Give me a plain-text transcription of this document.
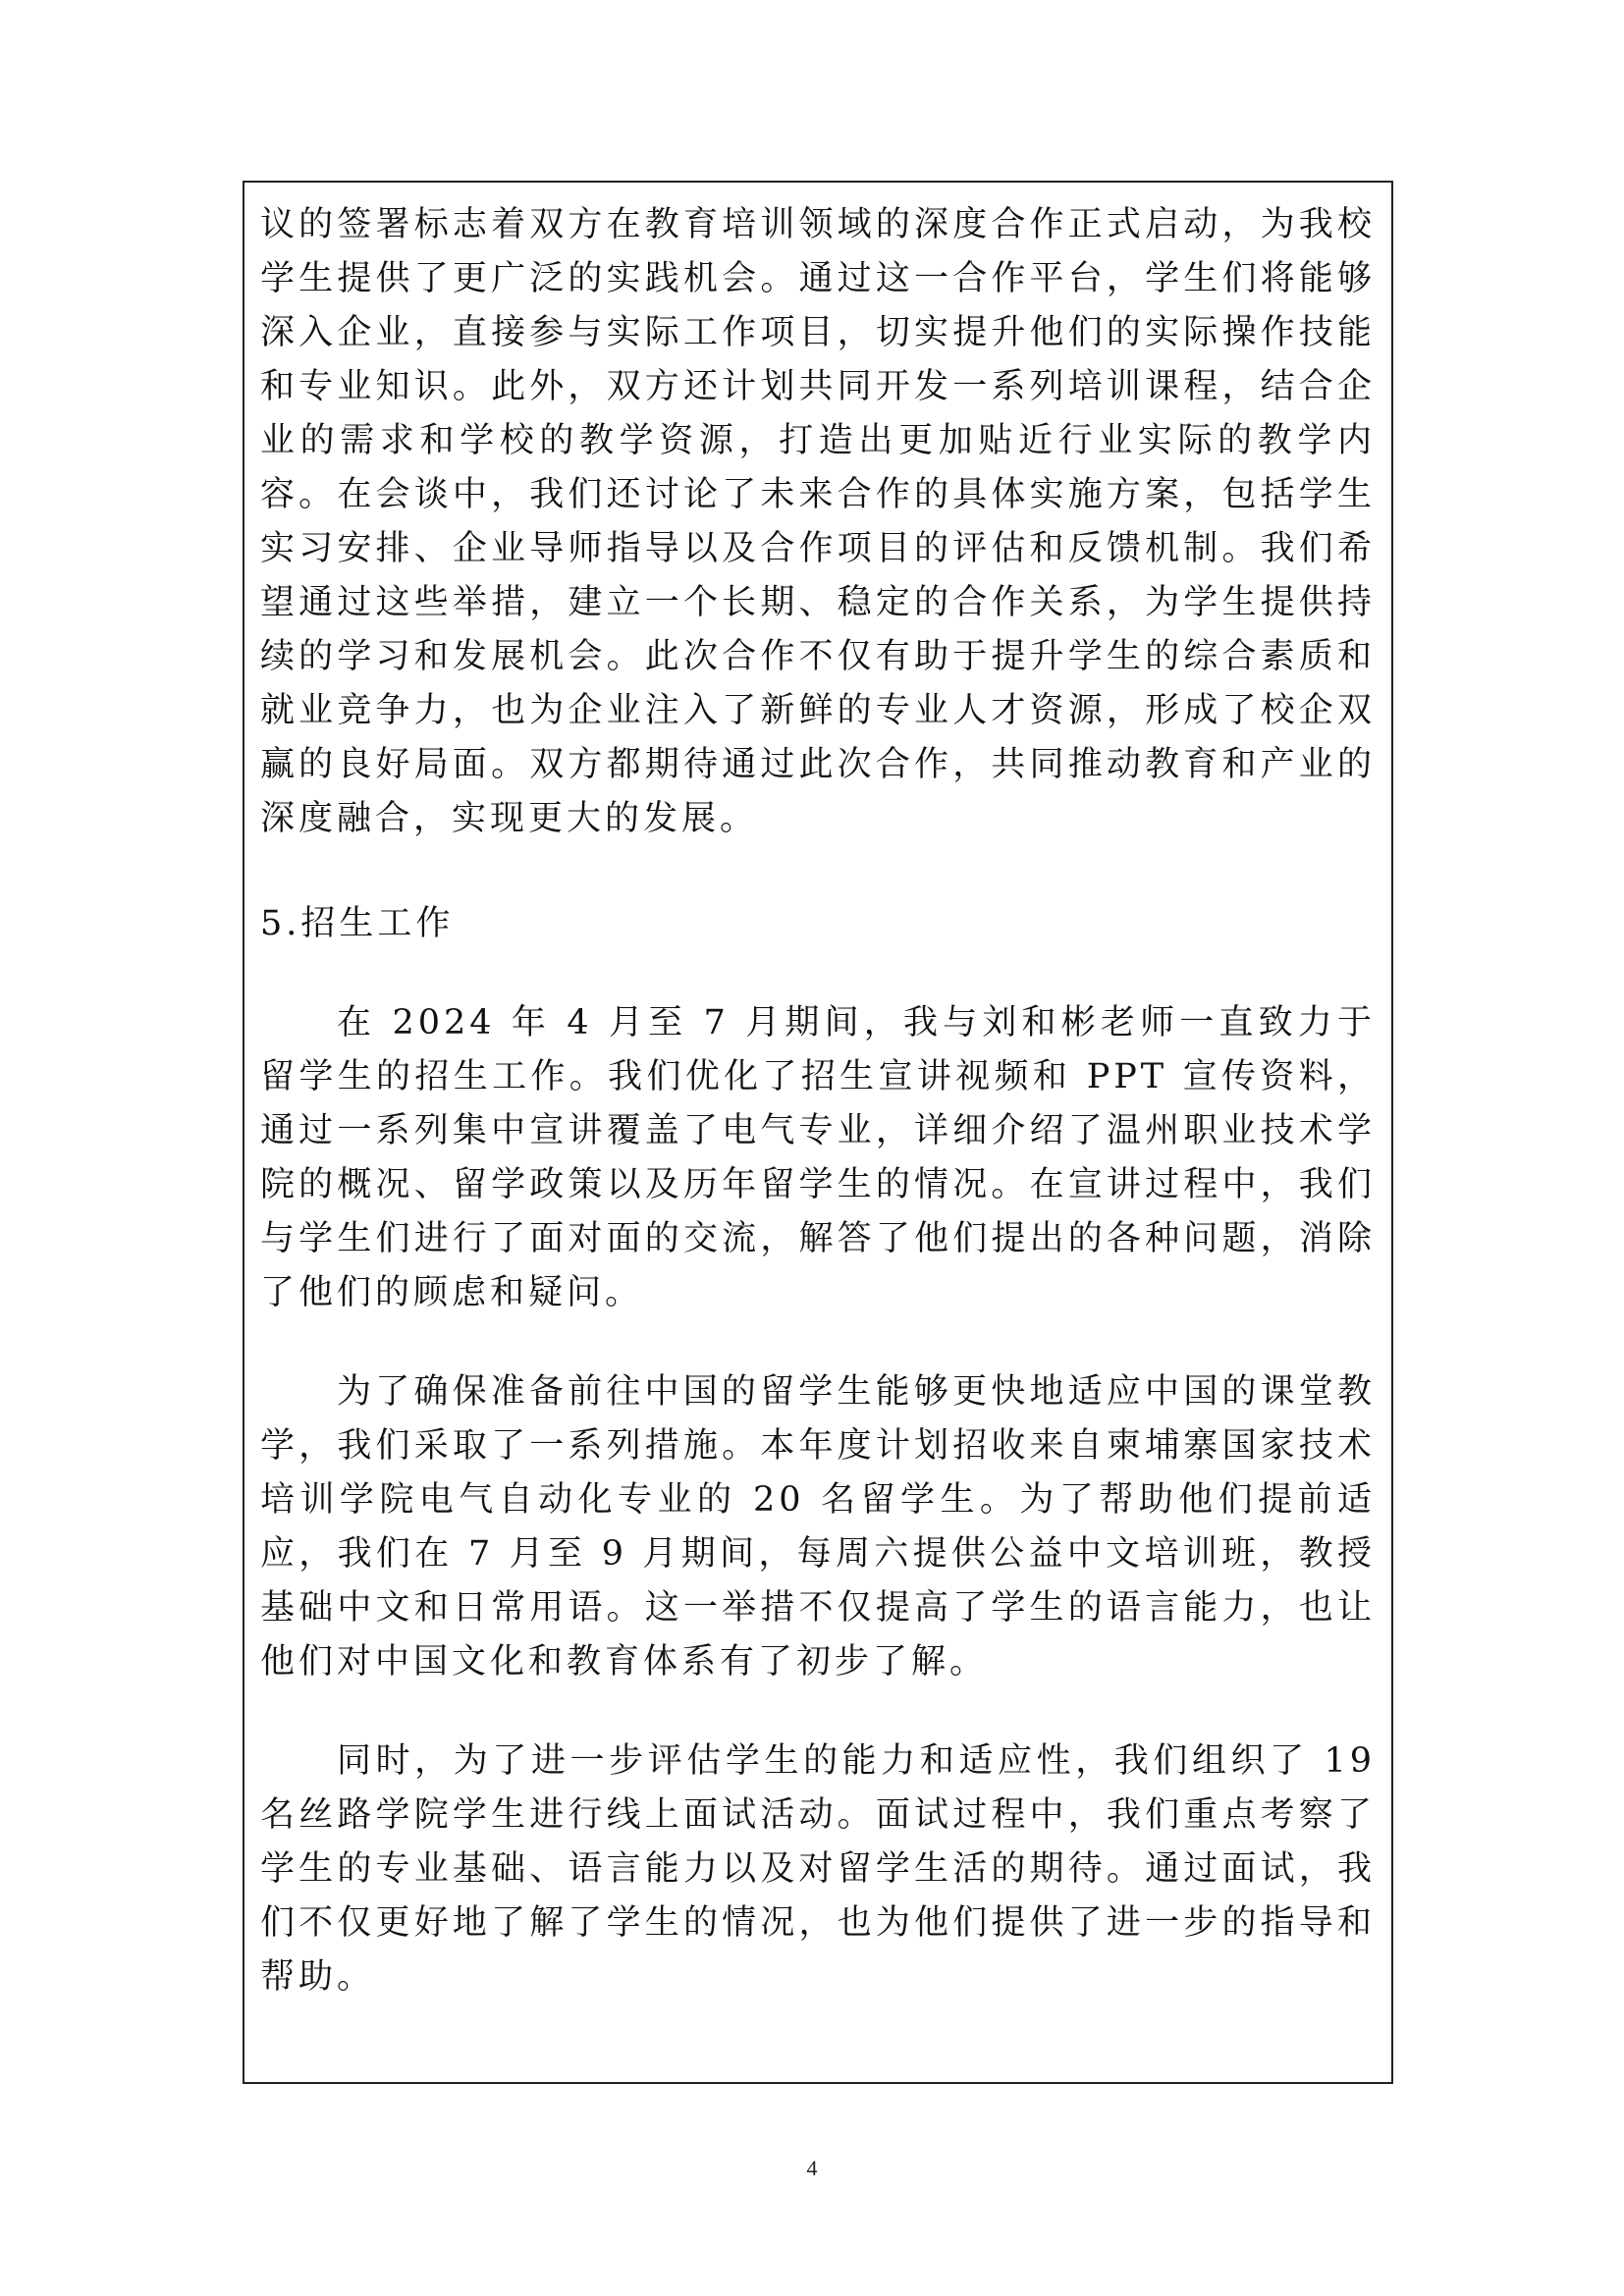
议的签署标志着双方在教育培训领域的深度合作正式启动，为我校学生提供了更广泛的实践机会。通过这一合作平台，学生们将能够深入企业，直接参与实际工作项目，切实提升他们的实际操作技能和专业知识。此外，双方还计划共同开发一系列培训课程，结合企业的需求和学校的教学资源，打造出更加贴近行业实际的教学内容。在会谈中，我们还讨论了未来合作的具体实施方案，包括学生实习安排、企业导师指导以及合作项目的评估和反馈机制。我们希望通过这些举措，建立一个长期、稳定的合作关系，为学生提供持续的学习和发展机会。此次合作不仅有助于提升学生的综合素质和就业竞争力，也为企业注入了新鲜的专业人才资源，形成了校企双赢的良好局面。双方都期待通过此次合作，共同推动教育和产业的深度融合，实现更大的发展。

5.招生工作

在 2024 年 4 月至 7 月期间，我与刘和彬老师一直致力于留学生的招生工作。我们优化了招生宣讲视频和 PPT 宣传资料，通过一系列集中宣讲覆盖了电气专业，详细介绍了温州职业技术学院的概况、留学政策以及历年留学生的情况。在宣讲过程中，我们与学生们进行了面对面的交流，解答了他们提出的各种问题，消除了他们的顾虑和疑问。

为了确保准备前往中国的留学生能够更快地适应中国的课堂教学，我们采取了一系列措施。本年度计划招收来自柬埔寨国家技术培训学院电气自动化专业的 20 名留学生。为了帮助他们提前适应，我们在 7 月至 9 月期间，每周六提供公益中文培训班，教授基础中文和日常用语。这一举措不仅提高了学生的语言能力，也让他们对中国文化和教育体系有了初步了解。

同时，为了进一步评估学生的能力和适应性，我们组织了 19 名丝路学院学生进行线上面试活动。面试过程中，我们重点考察了学生的专业基础、语言能力以及对留学生活的期待。通过面试，我们不仅更好地了解了学生的情况，也为他们提供了进一步的指导和帮助。

4
